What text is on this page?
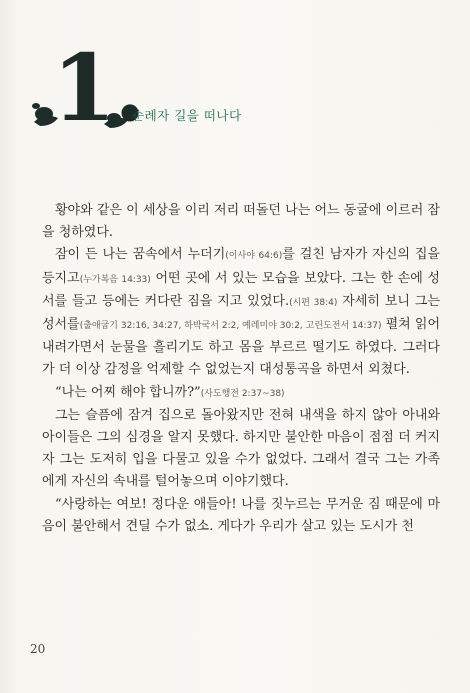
1.
순례자 길을 떠나다

황야와 같은 이 세상을 이리 저리 떠돌던 나는 어느 동굴에 이르러 잠을 청하였다.

잠이 든 나는 꿈속에서 누더기(이사야 64:6)를 걸친 남자가 자신의 집을 등지고(누가복음 14:33) 어떤 곳에 서 있는 모습을 보았다. 그는 한 손에 성서를 들고 등에는 커다란 짐을 지고 있었다.(시편 38:4) 자세히 보니 그는 성서를(출애굽기 32:16, 34:27, 하박국서 2:2, 예레미야 30:2, 고린도전서 14:37) 펼쳐 읽어 내려가면서 눈물을 흘리기도 하고 몸을 부르르 떨기도 하였다. 그러다가 더 이상 감정을 억제할 수 없었는지 대성통곡을 하면서 외쳤다.

“나는 어찌 해야 합니까?”(사도행전 2:37~38)

그는 슬픔에 잠겨 집으로 돌아왔지만 전혀 내색을 하지 않아 아내와 아이들은 그의 심경을 알지 못했다. 하지만 불안한 마음이 점점 더 커지자 그는 도저히 입을 다물고 있을 수가 없었다. 그래서 결국 그는 가족에게 자신의 속내를 털어놓으며 이야기했다.

“사랑하는 여보! 정다운 애들아! 나를 짓누르는 무거운 짐 때문에 마음이 불안해서 견딜 수가 없소. 게다가 우리가 살고 있는 도시가 천

20
